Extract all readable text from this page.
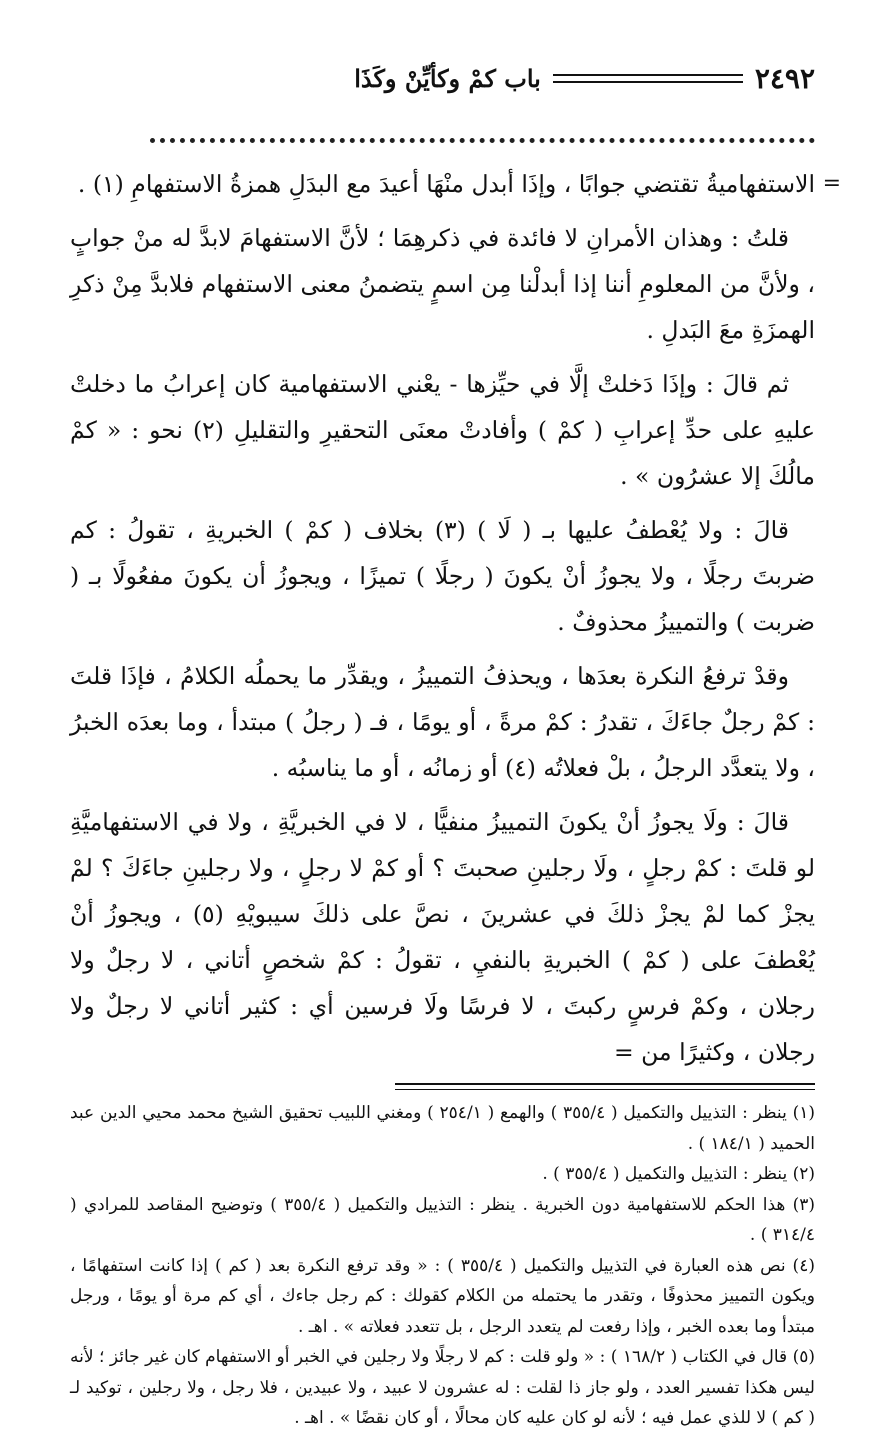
٢٤٩٢
باب كمْ وكأيِّنْ وكَذَا

=
الاستفهاميةُ تقتضي جوابًا ، وإذَا أبدل منْهَا أعيدَ مع البدَلِ همزةُ الاستفهامِ (١) .

قلتُ : وهذان الأمرانِ لا فائدة في ذكرهِمَا ؛ لأنَّ الاستفهامَ لابدَّ له منْ جوابٍ ، ولأنَّ من المعلومِ أننا إذا أبدلْنا مِن اسمٍ يتضمنُ معنى الاستفهام فلابدَّ مِنْ ذكرِ الهمزَةِ معَ البَدلِ .

ثم قالَ : وإذَا دَخلتْ إلَّا في حيِّزها - يعْني الاستفهامية كان إعرابُ ما دخلتْ عليهِ على حدِّ إعرابِ ( كمْ ) وأفادتْ معنَى التحقيرِ والتقليلِ (٢) نحو : « كمْ مالُكَ إلا عشرُون » .

قالَ : ولا يُعْطفُ عليها بـ ( لَا ) (٣) بخلاف ( كمْ ) الخبريةِ ، تقولُ : كم ضربتَ رجلًا ، ولا يجوزُ أنْ يكونَ ( رجلًا ) تميزًا ، ويجوزُ أن يكونَ مفعُولًا بـ ( ضربت ) والتمييزُ محذوفٌ .

وقدْ ترفعُ النكرة بعدَها ، ويحذفُ التمييزُ ، ويقدِّر ما يحملُه الكلامُ ، فإذَا قلتَ : كمْ رجلٌ جاءَكَ ، تقدرُ : كمْ مرةً ، أو يومًا ، فـ ( رجلُ ) مبتدأ ، وما بعدَه الخبرُ ، ولا يتعدَّد الرجلُ ، بلْ فعلاتُه (٤) أو زمانُه ، أو ما يناسبُه .

قالَ : ولَا يجوزُ أنْ يكونَ التمييزُ منفيًّا ، لا في الخبريَّةِ ، ولا في الاستفهاميَّةِ لو قلتَ : كمْ رجلٍ ، ولَا رجلينِ صحبتَ ؟ أو كمْ لا رجلٍ ، ولا رجلينِ جاءَكَ ؟ لمْ يجزْ كما لمْ يجزْ ذلكَ في عشرينَ ، نصَّ على ذلكَ سيبويْهِ (٥) ، ويجوزُ أنْ يُعْطفَ على ( كمْ ) الخبريةِ بالنفيِ ، تقولُ : كمْ شخصٍ أتاني ، لا رجلٌ ولا رجلان ، وكمْ فرسٍ ركبتَ ، لا فرسًا ولَا فرسين أي : كثير أتاني لا رجلٌ ولا رجلان ، وكثيرًا من =

(١) ينظر : التذييل والتكميل ( ٣٥٥/٤ ) والهمع ( ٢٥٤/١ ) ومغني اللبيب تحقيق الشيخ محمد محيي الدين عبد الحميد ( ١٨٤/١ ) .

(٢) ينظر : التذييل والتكميل ( ٣٥٥/٤ ) .

(٣) هذا الحكم للاستفهامية دون الخبرية . ينظر : التذييل والتكميل ( ٣٥٥/٤ ) وتوضيح المقاصد للمرادي ( ٣١٤/٤ ) .

(٤) نص هذه العبارة في التذييل والتكميل ( ٣٥٥/٤ ) : « وقد ترفع النكرة بعد ( كم ) إذا كانت استفهامًا ، ويكون التمييز محذوفًا ، وتقدر ما يحتمله من الكلام كقولك : كم رجل جاءك ، أي كم مرة أو يومًا ، ورجل مبتدأ وما بعده الخبر ، وإذا رفعت لم يتعدد الرجل ، بل تتعدد فعلاته » . اهـ .

(٥) قال في الكتاب ( ١٦٨/٢ ) : « ولو قلت : كم لا رجلًا ولا رجلين في الخبر أو الاستفهام كان غير جائز ؛ لأنه ليس هكذا تفسير العدد ، ولو جاز ذا لقلت : له عشرون لا عبيد ، ولا عبيدين ، فلا رجل ، ولا رجلين ، توكيد لـ ( كم ) لا للذي عمل فيه ؛ لأنه لو كان عليه كان محالًا ، أو كان نقضًا » . اهـ .
